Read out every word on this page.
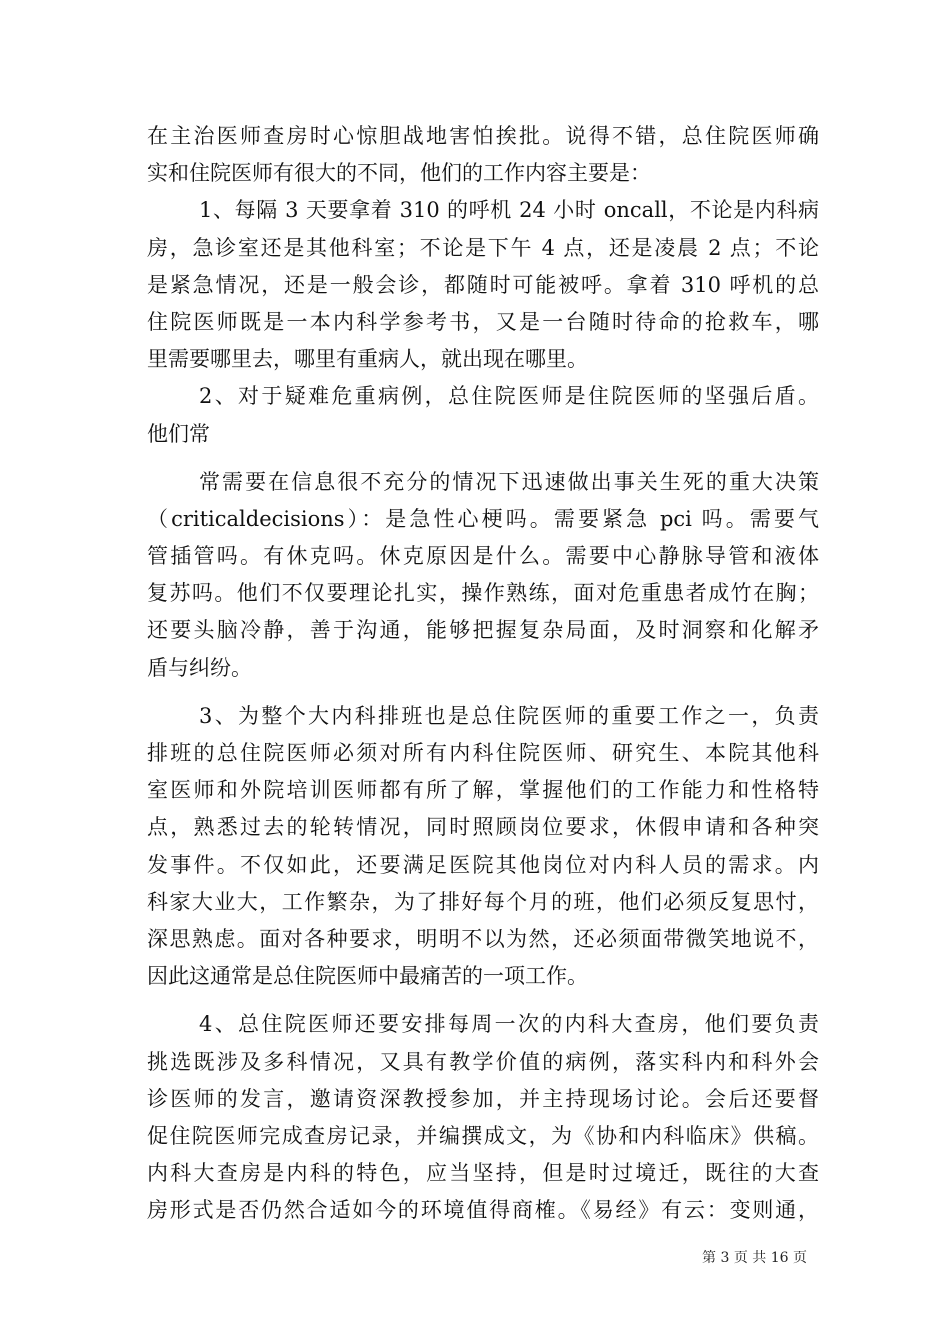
在主治医师查房时心惊胆战地害怕挨批。说得不错，总住院医师确
实和住院医师有很大的不同，他们的工作内容主要是：
1、每隔 3 天要拿着 310 的呼机 24 小时 oncall，不论是内科病
房，急诊室还是其他科室；不论是下午 4 点，还是凌晨 2 点；不论
是紧急情况，还是一般会诊，都随时可能被呼。拿着 310 呼机的总
住院医师既是一本内科学参考书，又是一台随时待命的抢救车，哪
里需要哪里去，哪里有重病人，就出现在哪里。
2、对于疑难危重病例，总住院医师是住院医师的坚强后盾。
他们常
常需要在信息很不充分的情况下迅速做出事关生死的重大决策
（criticaldecisions）：是急性心梗吗。需要紧急 pci 吗。需要气
管插管吗。有休克吗。休克原因是什么。需要中心静脉导管和液体
复苏吗。他们不仅要理论扎实，操作熟练，面对危重患者成竹在胸；
还要头脑冷静，善于沟通，能够把握复杂局面，及时洞察和化解矛
盾与纠纷。
3、为整个大内科排班也是总住院医师的重要工作之一，负责
排班的总住院医师必须对所有内科住院医师、研究生、本院其他科
室医师和外院培训医师都有所了解，掌握他们的工作能力和性格特
点，熟悉过去的轮转情况，同时照顾岗位要求，休假申请和各种突
发事件。不仅如此，还要满足医院其他岗位对内科人员的需求。内
科家大业大，工作繁杂，为了排好每个月的班，他们必须反复思忖，
深思熟虑。面对各种要求，明明不以为然，还必须面带微笑地说不，
因此这通常是总住院医师中最痛苦的一项工作。
4、总住院医师还要安排每周一次的内科大查房，他们要负责
挑选既涉及多科情况，又具有教学价值的病例，落实科内和科外会
诊医师的发言，邀请资深教授参加，并主持现场讨论。会后还要督
促住院医师完成查房记录，并编撰成文，为《协和内科临床》供稿。
内科大查房是内科的特色，应当坚持，但是时过境迁，既往的大查
房形式是否仍然合适如今的环境值得商榷。《易经》有云：变则通，
第 3 页 共 16 页
